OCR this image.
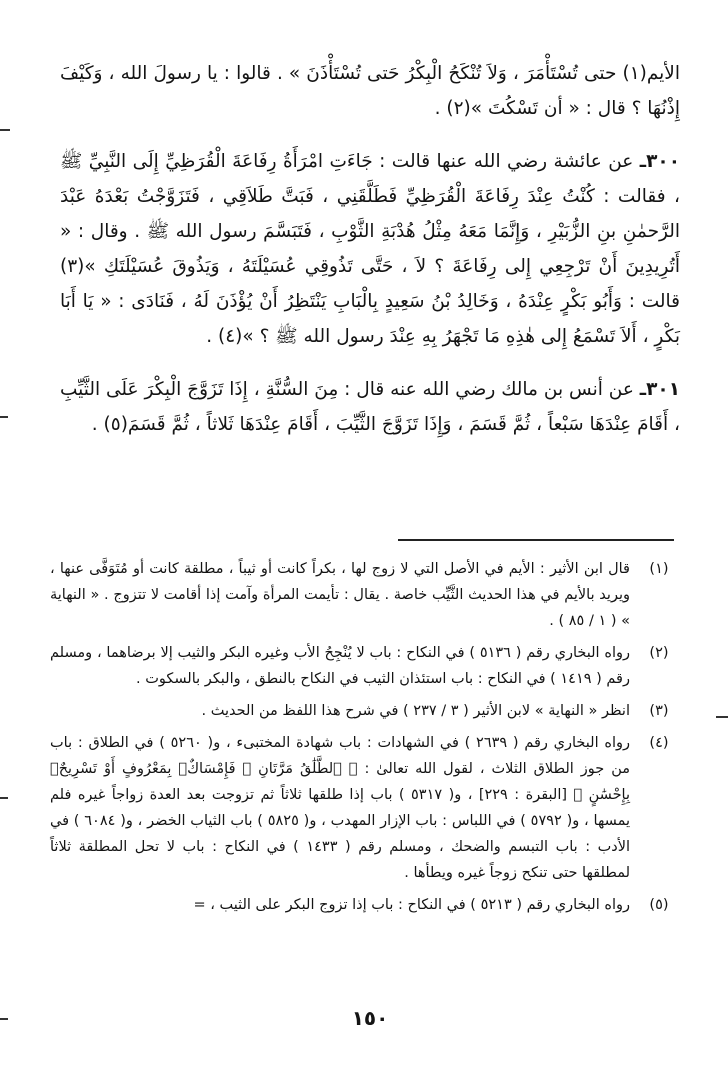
الأيم(١) حتى تُسْتَأْمَرَ ، وَلاَ تُنْكَحُ الْبِكْرُ حَتى تُسْتَأْذَنَ » . قالوا : يا رسولَ الله ، وَكَيْفَ إِذْنُهَا ؟ قال : « أن تَسْكُتَ »(٢) .

٣٠٠ـ عن عائشة رضي الله عنها قالت : جَاءَتِ امْرَأَةُ رِفَاعَةَ الْقُرَظِيِّ إِلَى النَّبِيِّ ﷺ ، فقالت : كُنْتُ عِنْدَ رِفَاعَةَ الْقُرَظِيِّ فَطَلَّقَنِي ، فَبَتَّ طَلاَقِي ، فَتَزَوَّجْتُ بَعْدَهُ عَبْدَ الرَّحمٰنِ بنِ الزُّبَيْرِ ، وَإِنَّمَا مَعَهُ مِثْلُ هُدْبَةِ الثَّوْبِ ، فَتَبَسَّمَ رسول الله ﷺ . وقال : « أَتُرِيدِينَ أَنْ تَرْجِعِي إِلى رِفَاعَةَ ؟ لاَ ، حَتَّى تَذُوقِي عُسَيْلَتَهُ ، وَيَذُوقَ عُسَيْلَتَكِ »(٣) قالت : وَأَبُو بَكْرٍ عِنْدَهُ ، وَخَالِدُ بْنُ سَعِيدٍ بِالْبَابِ يَنْتَظِرُ أَنْ يُؤْذَنَ لَهُ ، فَنَادَى : « يَا أَبَا بَكْرٍ ، أَلاَ تَسْمَعُ إِلى هٰذِهِ مَا تَجْهَرُ بِهِ عِنْدَ رسول الله ﷺ ؟ »(٤) .

٣٠١ـ عن أنس بن مالك رضي الله عنه قال : مِنَ السُّنَّةِ ، إِذَا تَزَوَّجَ الْبِكْرَ عَلَى الثَّيِّبِ ، أَقَامَ عِنْدَهَا سَبْعاً ، ثُمَّ قَسَمَ ، وَإِذَا تَزَوَّجَ الثَّيِّبَ ، أَقَامَ عِنْدَهَا ثَلاثاً ، ثُمَّ قَسَمَ(٥) .

(١)
قال ابن الأثير : الأيم في الأصل التي لا زوج لها ، بكراً كانت أو ثيباً ، مطلقة كانت أو مُتَوَفَّى عنها ، ويريد بالأيم في هذا الحديث الثَّيِّب خاصة . يقال : تأيمت المرأة وآمت إذا أقامت لا تتزوج . « النهاية » ( ١ / ٨٥ ) .
(٢)
رواه البخاري رقم ( ٥١٣٦ ) في النكاح : باب لا يُنْجِحُ الأب وغيره البكر والثيب إلا برضاهما ، ومسلم رقم ( ١٤١٩ ) في النكاح : باب استئذان الثيب في النكاح بالنطق ، والبكر بالسكوت .
(٣)
انظر « النهاية » لابن الأثير ( ٣ / ٢٣٧ ) في شرح هذا اللفظ من الحديث .
(٤)
رواه البخاري رقم ( ٢٦٣٩ ) في الشهادات : باب شهادة المختبىء ، و( ٥٢٦٠ ) في الطلاق : باب من جوز الطلاق الثلاث ، لقول الله تعالىٰ : ﴿ ٱلطَّلَٰقُ مَرَّتَانِ ۖ فَإِمْسَاكٌۢ بِمَعْرُوفٍ أَوْ تَسْرِيحٌۢ بِإِحْسَٰنٍ ﴾ [البقرة : ٢٢٩] ، و( ٥٣١٧ ) باب إذا طلقها ثلاثاً ثم تزوجت بعد العدة زواجاً غيره فلم يمسها ، و( ٥٧٩٢ ) في اللباس : باب الإزار المهدب ، و( ٥٨٢٥ ) باب الثياب الخضر ، و( ٦٠٨٤ ) في الأدب : باب التبسم والضحك ، ومسلم رقم ( ١٤٣٣ ) في النكاح : باب لا تحل المطلقة ثلاثاً لمطلقها حتى تنكح زوجاً غيره ويطأها .
(٥)
رواه البخاري رقم ( ٥٢١٣ ) في النكاح : باب إذا تزوج البكر على الثيب ، =
١٥٠
